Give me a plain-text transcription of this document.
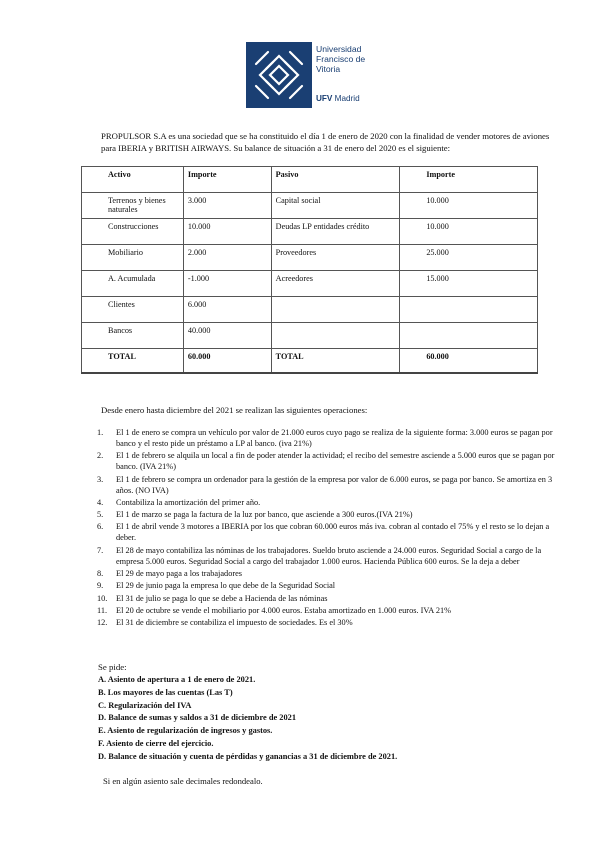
Universidad
Francisco de
Vitoria
UFV Madrid

PROPULSOR S.A es una sociedad que se ha constituido el día 1 de enero de 2020 con la finalidad de vender motores de aviones para IBERIA y BRITISH AIRWAYS. Su balance de situación a 31 de enero del 2020 es el siguiente:

Activo	Importe	Pasivo	Importe
Terrenos y bienes naturales	3.000	Capital social	10.000
Construcciones	10.000	Deudas LP entidades crédito	10.000
Mobiliario	2.000	Proveedores	25.000
A. Acumulada	-1.000	Acreedores	15.000
Clientes	6.000		
Bancos	40.000		
TOTAL	60.000	TOTAL	60.000
Desde enero hasta diciembre del 2021 se realizan las siguientes operaciones:
1.	El 1 de enero se compra un vehículo por valor de 21.000 euros cuyo pago se realiza de la siguiente forma: 3.000 euros se pagan por banco y el resto pide un préstamo a LP al banco. (iva 21%)
2.	El 1 de febrero se alquila un local a fin de poder atender la actividad; el recibo del semestre asciende a 5.000 euros que se pagan por banco. (IVA 21%)
3.	El 1 de febrero se compra un ordenador para la gestión de la empresa por valor de 6.000 euros, se paga por banco. Se amortiza en 3 años. (NO IVA)
4.	Contabiliza la amortización del primer año.
5.	El 1 de marzo se paga la factura de la luz por banco, que asciende a 300 euros.(IVA 21%)
6.	El 1 de abril vende 3 motores a IBERIA por los que cobran 60.000 euros más iva. cobran al contado el 75% y el resto se lo dejan a deber.
7.	El 28 de mayo contabiliza las nóminas de los trabajadores. Sueldo bruto asciende a 24.000 euros. Seguridad Social a cargo de la empresa 5.000 euros. Seguridad Social a cargo del trabajador 1.000 euros. Hacienda Pública 600 euros. Se la deja a deber
8.	El 29 de mayo paga a los trabajadores
9.	El 29 de junio paga la empresa lo que debe de la Seguridad Social
10.	El 31 de julio se paga lo que se debe a Hacienda de las nóminas
11.	El 20 de octubre se vende el mobiliario por 4.000 euros. Estaba amortizado en 1.000 euros. IVA 21%
12.	El 31 de diciembre se contabiliza el impuesto de sociedades. Es el 30%
Se pide:
A. Asiento de apertura a 1 de enero de 2021.
B. Los mayores de las cuentas (Las T)
C. Regularización del IVA
D. Balance de sumas y saldos a 31 de diciembre de 2021
E. Asiento de regularización de ingresos y gastos.
F. Asiento de cierre del ejercicio.
D. Balance de situación y cuenta de pérdidas y ganancias a 31 de diciembre de 2021.
Si en algún asiento sale decimales redondealo.
